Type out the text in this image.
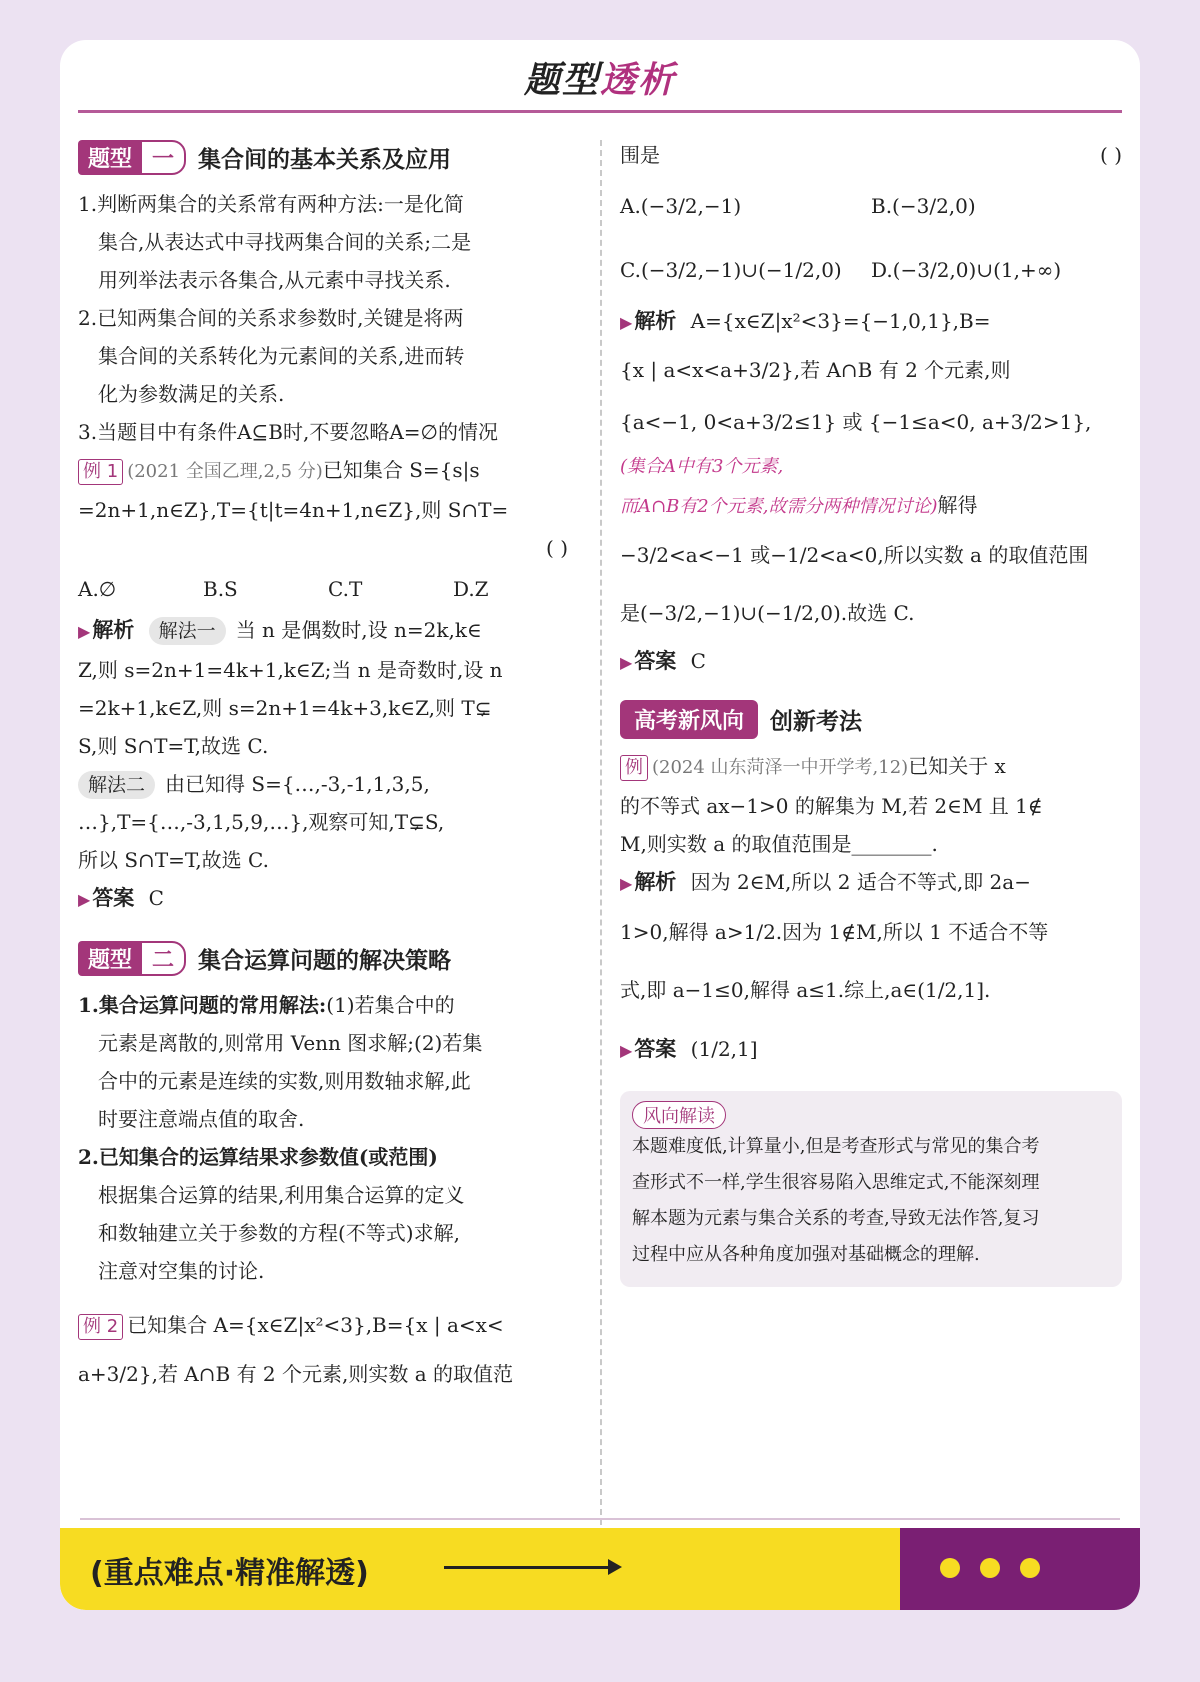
题型透析
题型 一	集合间的基本关系及应用

1.判断两集合的关系常有两种方法:一是化简

集合,从表达式中寻找两集合间的关系;二是

用列举法表示各集合,从元素中寻找关系.

2.已知两集合间的关系求参数时,关键是将两

集合间的关系转化为元素间的关系,进而转

化为参数满足的关系.

3.当题目中有条件A⊆B时,不要忽略A=∅的情况

例 1 (2021 全国乙理,2,5 分)已知集合 S={s|s

=2n+1,n∈Z},T={t|t=4n+1,n∈Z},则 S∩T=

( )

A.∅	B.S	C.T	D.Z

▶解析 解法一 当 n 是偶数时,设 n=2k,k∈

Z,则 s=2n+1=4k+1,k∈Z;当 n 是奇数时,设 n

=2k+1,k∈Z,则 s=2n+1=4k+3,k∈Z,则 T⊊

S,则 S∩T=T,故选 C.

解法二 由已知得 S={…,-3,-1,1,3,5,

…},T={…,-3,1,5,9,…},观察可知,T⊊S,

所以 S∩T=T,故选 C.

▶答案 C

题型 二	集合运算问题的解决策略

1.集合运算问题的常用解法:(1)若集合中的

元素是离散的,则常用 Venn 图求解;(2)若集

合中的元素是连续的实数,则用数轴求解,此

时要注意端点值的取舍.

2.已知集合的运算结果求参数值(或范围)

根据集合运算的结果,利用集合运算的定义

和数轴建立关于参数的方程(不等式)求解,

注意对空集的讨论.

例 2 已知集合 A={x∈Z|x²<3},B={x | a<x<

a+3/2},若 A∩B 有 2 个元素,则实数 a 的取值范

围是	( )

A.(−3/2,−1)	B.(−3/2,0)
C.(−3/2,−1)∪(−1/2,0)	D.(−3/2,0)∪(1,+∞)

▶解析 A={x∈Z|x²<3}={−1,0,1},B=

{x | a<x<a+3/2},若 A∩B 有 2 个元素,则

{a<−1, 0<a+3/2≤1} 或 {−1≤a<0, a+3/2>1},

(集合A中有3个元素,

而A∩B有2个元素,故需分两种情况讨论)解得

−3/2<a<−1 或−1/2<a<0,所以实数 a 的取值范围

是(−3/2,−1)∪(−1/2,0).故选 C.

▶答案 C

高考新风向	创新考法

例 (2024 山东菏泽一中开学考,12)已知关于 x

的不等式 ax−1>0 的解集为 M,若 2∈M 且 1∉

M,则实数 a 的取值范围是________.

▶解析 因为 2∈M,所以 2 适合不等式,即 2a−

1>0,解得 a>1/2.因为 1∉M,所以 1 不适合不等

式,即 a−1≤0,解得 a≤1.综上,a∈(1/2,1].

▶答案 (1/2,1]

风向解读
本题难度低,计算量小,但是考查形式与常见的集合考
查形式不一样,学生很容易陷入思维定式,不能深刻理
解本题为元素与集合关系的考查,导致无法作答,复习
过程中应从各种角度加强对基础概念的理解.
(重点难点·精准解透)
